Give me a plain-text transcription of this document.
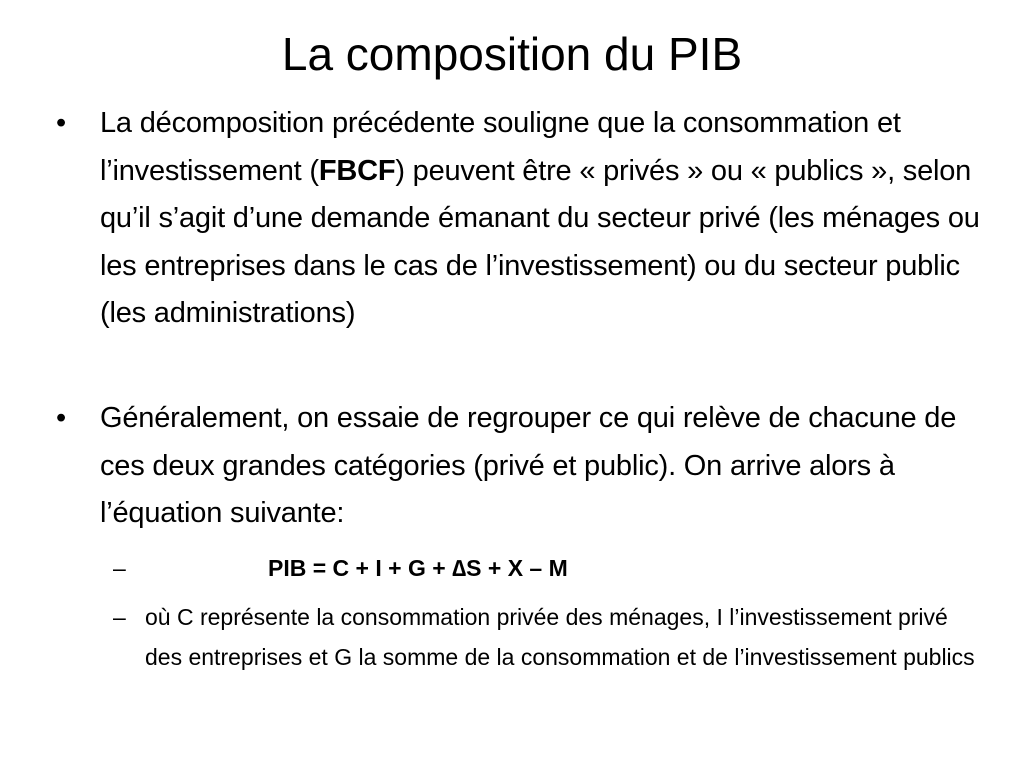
La composition du PIB
• La décomposition précédente souligne que la consommation et l’investissement (FBCF) peuvent être « privés » ou « publics », selon qu’il s’agit d’une demande émanant du secteur privé (les ménages ou les entreprises dans le cas de l’investissement) ou du secteur public (les administrations)
• Généralement, on essaie de regrouper ce qui relève de chacune de ces deux grandes catégories (privé et public). On arrive alors à l’équation suivante:
–	PIB = C + I + G + ∆S + X – M
– où C représente la consommation privée des ménages, I l’investissement privé des entreprises et G la somme de la consommation et de l’investissement publics
